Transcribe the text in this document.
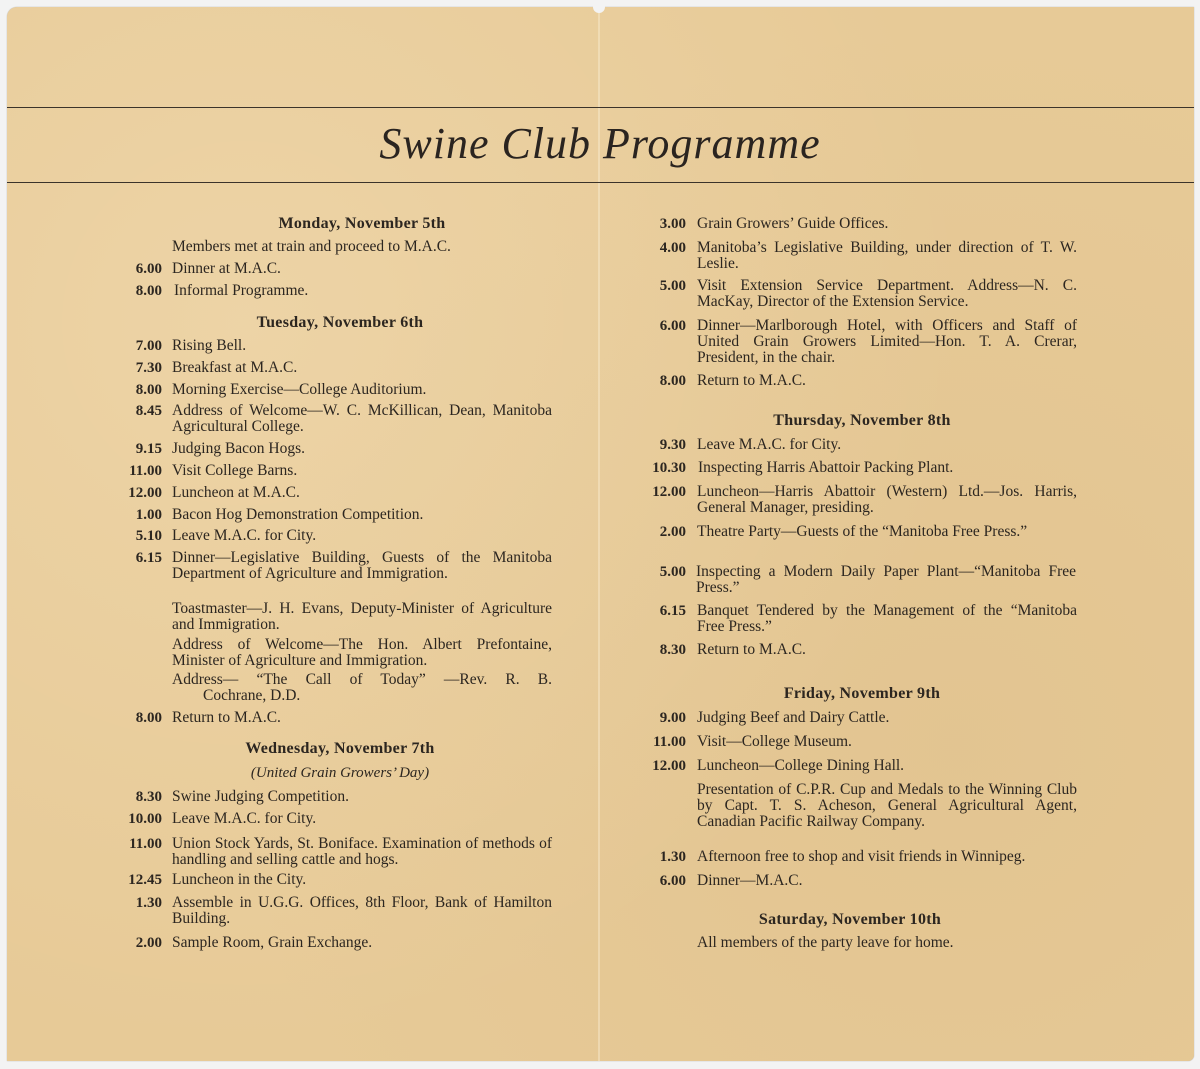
Swine Club Programme
Monday, November 5th
Members met at train and proceed to M.A.C.
6.00 Dinner at M.A.C.
8.00 Informal Programme.
Tuesday, November 6th
7.00 Rising Bell.
7.30 Breakfast at M.A.C.
8.00 Morning Exercise—College Auditorium.
8.45 Address of Welcome—W. C. McKillican, Dean, Manitoba Agricultural College.
9.15 Judging Bacon Hogs.
11.00 Visit College Barns.
12.00 Luncheon at M.A.C.
1.00 Bacon Hog Demonstration Competition.
5.10 Leave M.A.C. for City.
6.15 Dinner—Legislative Building, Guests of the Manitoba Department of Agriculture and Immigration.
Toastmaster—J. H. Evans, Deputy-Minister of Agriculture and Immigration.
Address of Welcome—The Hon. Albert Prefontaine, Minister of Agriculture and Immigration.
Address— “The Call of Today” —Rev. R. B.
Cochrane, D.D.
8.00 Return to M.A.C.
Wednesday, November 7th
(United Grain Growers’ Day)
8.30 Swine Judging Competition.
10.00 Leave M.A.C. for City.
11.00 Union Stock Yards, St. Boniface. Examination of methods of handling and selling cattle and hogs.
12.45 Luncheon in the City.
1.30 Assemble in U.G.G. Offices, 8th Floor, Bank of Hamilton Building.
2.00 Sample Room, Grain Exchange.
3.00 Grain Growers’ Guide Offices.
4.00 Manitoba’s Legislative Building, under direction of T. W. Leslie.
5.00 Visit Extension Service Department. Address—N. C. MacKay, Director of the Extension Service.
6.00 Dinner—Marlborough Hotel, with Officers and Staff of United Grain Growers Limited—Hon. T. A. Crerar, President, in the chair.
8.00 Return to M.A.C.
Thursday, November 8th
9.30 Leave M.A.C. for City.
10.30 Inspecting Harris Abattoir Packing Plant.
12.00 Luncheon—Harris Abattoir (Western) Ltd.—Jos. Harris, General Manager, presiding.
2.00 Theatre Party—Guests of the “Manitoba Free Press.”
5.00 Inspecting a Modern Daily Paper Plant—“Manitoba Free Press.”
6.15 Banquet Tendered by the Management of the “Manitoba Free Press.”
8.30 Return to M.A.C.
Friday, November 9th
9.00 Judging Beef and Dairy Cattle.
11.00 Visit—College Museum.
12.00 Luncheon—College Dining Hall.
Presentation of C.P.R. Cup and Medals to the Winning Club by Capt. T. S. Acheson, General Agricultural Agent, Canadian Pacific Railway Company.
1.30 Afternoon free to shop and visit friends in Winnipeg.
6.00 Dinner—M.A.C.
Saturday, November 10th
All members of the party leave for home.
